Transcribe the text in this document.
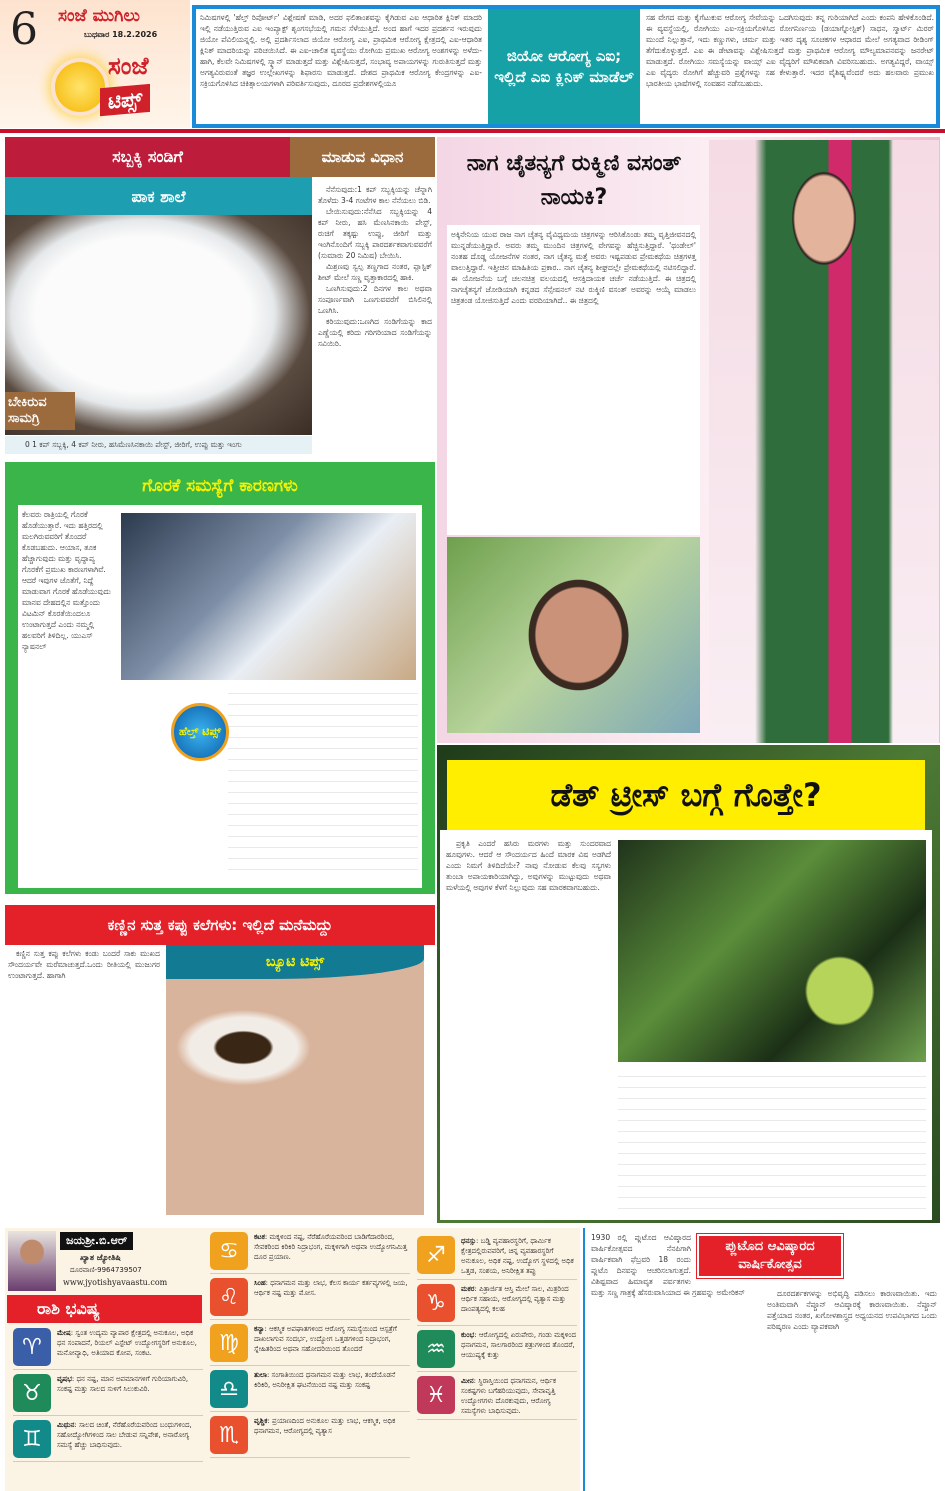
6 ಸಂಜೆ ಮುಗಿಲು
ಬುಧವಾರ 18.2.2026
ಸಂಜೆ
ಟಿಪ್ಸ್
ನಿಮಿಷಗಳಲ್ಲಿ 'ಹೆಲ್ತ್ ರಿಪೋರ್ಟ್' ವಿಶ್ಲೇಷಣೆ ಮಾಡಿ, ಅದರ ಫಲಿತಾಂಶವನ್ನು ಕೈಗಿಡುವ ಎಐ ಆಧಾರಿತ ಕ್ಲಿನಿಕ್ ಮಾದರಿ ಇಲ್ಲಿ ನಡೆಯುತ್ತಿರುವ ಎಐ ಇಂಪ್ಯಾಕ್ಟ್ ಶೃಂಗಸಭೆಯಲ್ಲಿ ಗಮನ ಸೆಳೆಯುತ್ತಿದೆ. ಅಂದ ಹಾಗೆ ಇದರ ಪ್ರದರ್ಶನ ಇರುವುದು ಜಿಯೋ ಪೆವಿಲಿಯನ್ನಲ್ಲಿ. ಅಲ್ಲಿ ಪ್ರದರ್ಶಿಸಲಾದ ಜಿಯೋ ಆರೋಗ್ಯ ಎಐ, ಪ್ರಾಥಮಿಕ ಆರೋಗ್ಯ ಕ್ಷೇತ್ರದಲ್ಲಿ ಎಐ-ಆಧಾರಿತ ಕ್ಲಿನಿಕ್ ಮಾದರಿಯನ್ನು ಪರಿಚಯಿಸಿದೆ. ಈ ಎಐ-ಚಾಲಿತ ವ್ಯವಸ್ಥೆಯು ರೋಗಿಯ ಪ್ರಮುಖ ಆರೋಗ್ಯ ಅಂಶಗಳನ್ನು ಅಳೆದು- ಹಾಗಿ, ಕೆಲವೇ ನಿಮಿಷಗಳಲ್ಲಿ ಸ್ಕ್ಯಾನ್ ಮಾಡುತ್ತದೆ ಮತ್ತು ವಿಶ್ಲೇಷಿಸುತ್ತದೆ, ಸಂಭಾವ್ಯ ಅಪಾಯಗಳನ್ನು ಗುರುತಿಸುತ್ತದೆ ಮತ್ತು ಅಗತ್ಯವಿರುವಂತೆ ತಜ್ಞರ ಉಲ್ಲೇಖಗಳನ್ನು ಶಿಫಾರಸು ಮಾಡುತ್ತದೆ. ದೇಶದ ಪ್ರಾಥಮಿಕ ಆರೋಗ್ಯ ಕೇಂದ್ರಗಳನ್ನು ಎಐ-ಸಕ್ರಿಯಗೊಳಿಸಿದ ಚಿಕಿತ್ಸಾಲಯಗಳಾಗಿ ಪರಿವರ್ತಿಸುವುದು, ದೂರದ ಪ್ರದೇಶಗಳಲ್ಲಿಯೂ
ಜಿಯೋ ಆರೋಗ್ಯ ಎಐ; ಇಲ್ಲಿದೆ ಎಐ ಕ್ಲಿನಿಕ್ ಮಾಡೆಲ್
ಸಹ ವೇಗದ ಮತ್ತು ಕೈಗೆಟುಕುವ ಆರೋಗ್ಯ ಸೇವೆಯನ್ನು ಒದಗಿಸುವುದು ತನ್ನ ಗುರಿಯಾಗಿದೆ ಎಂದು ಕಂಪನಿ ಹೇಳಿಕೊಂಡಿದೆ. ಈ ವ್ಯವಸ್ಥೆಯಲ್ಲಿ, ರೋಗಿಯು ಎಐ-ಸಕ್ರಿಯಗೊಳಿಸಿದ ರೋಗನಿರ್ಣಯ (ಡಯಾಗ್ನೋಸ್ಟಿಕ್) ಸಾಧನ, ಸ್ಮಾರ್ಟ್ ಮಿರರ್ ಮುಂದೆ ನಿಲ್ಲುತ್ತಾನೆ, ಇದು ಕಣ್ಣುಗಳು, ಚರ್ಮ ಮತ್ತು ಇತರ ದೃಶ್ಯ ಸೂಚಕಗಳ ಆಧಾರದ ಮೇಲೆ ಅಗತ್ಯವಾದ ರೀಡಿಂಗ್ ತೆಗೆದುಕೊಳ್ಳುತ್ತದೆ. ಎಐ ಈ ಡೇಟಾವನ್ನು ವಿಶ್ಲೇಷಿಸುತ್ತದೆ ಮತ್ತು ಪ್ರಾಥಮಿಕ ಆರೋಗ್ಯ ಮೌಲ್ಯಮಾಪನವನ್ನು ಜನರೇಟ್ ಮಾಡುತ್ತದೆ. ರೋಗಿಯು ಸಮಸ್ಯೆಯನ್ನು ವಾಯ್ಸ್ ಎಐ ವೈದ್ಯರಿಗೆ ಮೌಖಿಕವಾಗಿ ವಿವರಿಸಬಹುದು. ಅಗತ್ಯವಿದ್ದರೆ, ವಾಯ್ಸ್ ಎಐ ವೈದ್ಯರು ರೋಗಿಗೆ ಹೆಚ್ಚುವರಿ ಪ್ರಶ್ನೆಗಳನ್ನು ಸಹ ಕೇಳುತ್ತಾರೆ. ಇದರ ವೈಶಿಷ್ಟ್ಯವೆಂದರೆ ಅದು ಹಲವಾರು ಪ್ರಮುಖ ಭಾರತೀಯ ಭಾಷೆಗಳಲ್ಲಿ ಸಂವಹನ ನಡೆಸಬಹುದು.
ಸಬ್ಬಕ್ಕಿ ಸಂಡಿಗೆ	ಮಾಡುವ ವಿಧಾನ
ಪಾಕ ಶಾಲೆ
ಬೇಕಿರುವ ಸಾಮಗ್ರಿ
0 1 ಕಪ್ ಸಬ್ಬಕ್ಕಿ, 4 ಕಪ್ ನೀರು, ಹಸಿಮೆಣಸಿನಕಾಯಿ ಪೇಸ್ಟ್, ಜೀರಿಗೆ, ಉಪ್ಪು ಮತ್ತು ಇಂಗು

ನೆನೆಸುವುದು:1 ಕಪ್ ಸಬ್ಬಕ್ಕಿಯನ್ನು ಚೆನ್ನಾಗಿ ತೊಳೆದು 3-4 ಗಂಟೆಗಳ ಕಾಲ ನೆನೆಯಲು ಬಿಡಿ.

ಬೇಯಿಸುವುದು:ನೆನೆಸಿದ ಸಬ್ಬಕ್ಕಿಯನ್ನು 4 ಕಪ್ ನೀರು, ಹಸಿ ಮೆಣಸಿನಕಾಯಿ ಪೇಸ್ಟ್, ರುಚಿಗೆ ತಕ್ಕಷ್ಟು ಉಪ್ಪು, ಜೀರಿಗೆ ಮತ್ತು ಇಂಗಿನೊಂದಿಗೆ ಸಬ್ಬಕ್ಕಿ ಪಾರದರ್ಶಕವಾಗುವವರೆಗೆ (ಸುಮಾರು 20 ನಿಮಿಷ) ಬೇಯಿಸಿ.

ಮಿಶ್ರಣವು ಸ್ವಲ್ಪ ತಣ್ಣಗಾದ ನಂತರ, ಪ್ಲಾಸ್ಟಿಕ್ ಶೀಟ್ ಮೇಲೆ ಸಣ್ಣ ವೃತ್ತಾಕಾರದಲ್ಲಿ ಹಾಕಿ.

ಒಣಗಿಸುವುದು:2 ದಿನಗಳ ಕಾಲ ಅಥವಾ ಸಂಪೂರ್ಣವಾಗಿ ಒಣಗುವವರೆಗೆ ಬಿಸಿಲಿನಲ್ಲಿ ಒಣಗಿಸಿ.

ಕರಿಯುವುದು:ಒಣಗಿದ ಸಂಡಿಗೆಯನ್ನು ಕಾದ ಎಣ್ಣೆಯಲ್ಲಿ ಕರಿದು ಗರಿಗರಿಯಾದ ಸಂಡಿಗೆಯನ್ನು ಸವಿಯಿರಿ.

ಗೊರಕೆ ಸಮಸ್ಯೆಗೆ ಕಾರಣಗಳು
ಕೆಲವರು ರಾತ್ರಿಯಲ್ಲಿ ಗೊರಕೆ ಹೊಡೆಯುತ್ತಾರೆ. ಇದು ಹತ್ತಿರದಲ್ಲಿ ಮಲಗಿರುವವರಿಗೆ ತೊಂದರೆ ಕೊಡಬಹುದು. ಆಯಾಸ, ತೂಕ ಹೆಚ್ಚಾಗುವುದು ಮತ್ತು ವೃದ್ಧಾಪ್ಯ ಗೊರಕೆಗೆ ಪ್ರಮುಖ ಕಾರಣಗಳಾಗಿವೆ. ಆದರೆ ಇವುಗಳ ಜೊತೆಗೆ, ನಿದ್ದೆ ಮಾಡುವಾಗ ಗೊರಕೆ ಹೊಡೆಯುವುದು ಮಾನವ ದೇಹದಲ್ಲಿನ ಮತ್ತೊಂದು ವಿಟಮಿನ್ ಕೊರತೆಯಿಂದಲೂ ಉಂಟಾಗುತ್ತದೆ ಎಂದು ನಮ್ಮಲ್ಲಿ ಹಲವರಿಗೆ ತಿಳಿದಿಲ್ಲ. ಯುಎಸ್ ನ್ಯಾಷನಲ್
ಹೆಲ್ತ್ ಟಿಪ್ಸ್
ಕಣ್ಣಿನ ಸುತ್ತ ಕಪ್ಪು ಕಲೆಗಳು: ಇಲ್ಲಿದೆ ಮನೆಮದ್ದು
ಕಣ್ಣಿನ ಸುತ್ತ ಕಪ್ಪು ಕಲೆಗಳು ಕಂಡು ಬಂದರೆ ಸಾಕು ಮುಖದ ಸೌಂದರ್ಯವೇ ಮರೆಮಾಚುತ್ತದೆ.ಒಂದು ರೀತಿಯಲ್ಲಿ ಮುಜುಗರ ಉಂಟಾಗುತ್ತದೆ. ಹಾಗಾಗಿ
ಬ್ಯೂಟಿ ಟಿಪ್ಸ್
ನಾಗ ಚೈತನ್ಯಗೆ ರುಕ್ಮಿಣಿ ವಸಂತ್ ನಾಯಕಿ?
ಅಕ್ಕಿನೇನಿಯ ಯುವ ರಾಜ ನಾಗ ಚೈತನ್ಯ ವೈವಿಧ್ಯಮಯ ಚಿತ್ರಗಳನ್ನು ಆರಿಸಿಕೊಂಡು ತಮ್ಮ ವೃತ್ತಿಜೀವನದಲ್ಲಿ ಮುನ್ನಡೆಯುತ್ತಿದ್ದಾರೆ. ಅವರು ತಮ್ಮ ಮುಂದಿನ ಚಿತ್ರಗಳಲ್ಲಿ ವೇಗವನ್ನು ಹೆಚ್ಚಿಸುತ್ತಿದ್ದಾರೆ. 'ಥಂಡೇಲ್' ನಂತಹ ದೊಡ್ಡ ಯೋಜನೆಗಳ ನಂತರ, ನಾಗ ಚೈತನ್ಯ ಮತ್ತೆ ಅವರು ಇಷ್ಟಪಡುವ ಪ್ರೇಮಕಥೆಯ ಚಿತ್ರಗಳತ್ತ ವಾಲುತ್ತಿದ್ದಾರೆ. ಇತ್ತೀಚಿನ ಮಾಹಿತಿಯ ಪ್ರಕಾರ.. ನಾಗ ಚೈತನ್ಯ ಶೀಘ್ರದಲ್ಲೇ ಪ್ರೇಮಕಥೆಯಲ್ಲಿ ನಟಿಸಲಿದ್ದಾರೆ. ಈ ಯೋಜನೆಯ ಬಗ್ಗೆ ಚಲನಚಿತ್ರ ವಲಯದಲ್ಲಿ ಆಸಕ್ತಿದಾಯಕ ಚರ್ಚೆ ನಡೆಯುತ್ತಿದೆ. ಈ ಚಿತ್ರದಲ್ಲಿ ನಾಗಚೈತನ್ಯಗೆ ಜೋಡಿಯಾಗಿ ಕನ್ನಡದ ಸೆನ್ಸೇಷನಲ್ ನಟಿ ರುಕ್ಮಿಣಿ ವಸಂತ್ ಅವರನ್ನು ಆಯ್ಕೆ ಮಾಡಲು ಚಿತ್ರತಂಡ ಯೋಜಿಸುತ್ತಿದೆ ಎಂದು ವರದಿಯಾಗಿದೆ.. ಈ ಚಿತ್ರದಲ್ಲಿ
ಡೆತ್ ಟ್ರೀಸ್ ಬಗ್ಗೆ ಗೊತ್ತೇ?
ಪ್ರಕೃತಿ ಎಂದರೆ ಹಸಿರು ಮರಗಳು ಮತ್ತು ಸುಂದರವಾದ ಹೂವುಗಳು. ಆದರೆ ಆ ಸೌಂದರ್ಯದ ಹಿಂದೆ ಮಾರಕ ವಿಷ ಅಡಗಿದೆ ಎಂದು ನಿಮಗೆ ತಿಳಿದಿದೆಯೇ? ನಾವು ನೋಡುವ ಕೆಲವು ಸಸ್ಯಗಳು ತುಂಬಾ ಅಪಾಯಕಾರಿಯಾಗಿದ್ದು, ಅವುಗಳನ್ನು ಮುಟ್ಟುವುದು ಅಥವಾ ಮಳೆಯಲ್ಲಿ ಅವುಗಳ ಕೆಳಗೆ ನಿಲ್ಲುವುದು ಸಹ ಮಾರಕವಾಗಬಹುದು.
ಜಯಶ್ರೀ.ಬಿ.ಆರ್
ಖ್ಯಾತ ಜ್ಯೋತಿಷಿ
ದೂರವಾಣಿ-9964739507
www.jyotishyavaastu.com
ರಾಶಿ ಭವಿಷ್ಯ
♈
ಮೇಷ: ಸ್ವಂತ ಉದ್ಯಮ ವ್ಯಾಪಾರ ಕ್ಷೇತ್ರದಲ್ಲಿ ಅನುಕೂಲ, ಅಧಿಕ ಧನ ಸಂಪಾದನೆ, ರಿಯಲ್ ಎಸ್ಟೇಟ್ ಉದ್ಯೋಗಸ್ಥರಿಗೆ ಅನುಕೂಲ, ಮನೋವ್ಯಾಧಿ, ಅತಿಯಾದ ಕೋಪ, ಸಂಕಟ.
♉
ವೃಷಭ: ಧನ ನಷ್ಟ, ಮಾನ ಅಪಮಾನಗಳಿಗೆ ಗುರಿಯಾಗುವಿರಿ, ಸಂಕಷ್ಟ ಮತ್ತು ಸಾಲದ ಸುಳಿಗೆ ಸಿಲುಕುವಿರಿ.
♊
ಮಿಥುನ: ಸಾಲದ ಚಿಂತೆ, ನೆರೆಹೊರೆಯವರಿಂದ ಬಂಧುಗಳಿಂದ, ಸಹೋದ್ಯೋಗಿಗಳಿಂದ ಸಾಲ ಬೇಡುವ ಸನ್ನಿವೇಶ, ಅನಾರೋಗ್ಯ ಸಮಸ್ಯೆ ಹೆಚ್ಚು ಬಾಧಿಸುವುದು.
♋
ಕಟಕ: ಮಕ್ಕಳಿಂದ ನಷ್ಟ, ನೆರೆಹೊರೆಯವರಿಂದ ಬಾಡಿಗೆದಾರರಿಂದ, ಸೇವಕರಿಂದ ಕಿರಿಕಿರಿ ನಿದ್ರಾಭಂಗ, ಮಕ್ಕಳಿಗಾಗಿ ಅಥವಾ ಉದ್ಯೋಗನಿಮಿತ್ತ ದೂರ ಪ್ರಯಾಣ.
♌
ಸಿಂಹ: ಧನಾಗಮನ ಮತ್ತು ಲಾಭ, ಕೆಲಸ ಕಾರ್ಯ ಕರ್ತವ್ಯಗಳಲ್ಲಿ ಜಯ, ಆರ್ಥಿಕ ನಷ್ಟ ಮತ್ತು ಮೋಸ.
♍
ಕನ್ಯಾ: ಆಕಸ್ಮಿಕ ಅಪಘಾತಗಳಿಂದ ಆರೋಗ್ಯ ಸಮಸ್ಯೆಯಿಂದ ಆಸ್ಪತ್ರೆಗೆ ದಾಖಲಾಗುವ ಸಂದರ್ಭ, ಉದ್ಯೋಗ ಒತ್ತಡಗಳಿಂದ ನಿದ್ರಾಭಂಗ, ಸ್ನೇಹಿತರಿಂದ ಅಥವಾ ಸಹೋದರಿಯಿಂದ ತೊಂದರೆ
♎
ತುಲಾ: ಸಂಗಾತಿಯಿಂದ ಧನಾಗಮನ ಮತ್ತು ಲಾಭ, ತಂದೆಯೊಡನೆ ಕಿರಿಕಿರಿ, ಅನಿರೀಕ್ಷಿತ ಘಟನೆಯಿಂದ ನಷ್ಟ ಮತ್ತು ಸಂಕಷ್ಟ
♏
ವೃಶ್ಚಿಕ: ಪ್ರಯಾಣದಿಂದ ಅನುಕೂಲ ಮತ್ತು ಲಾಭ, ಆಕಸ್ಮಿಕ, ಅಧಿಕ ಧನಾಗಮನ, ಆರೋಗ್ಯದಲ್ಲಿ ವ್ಯತ್ಯಾಸ
♐
ಧನಸ್ಸು: ಬಡ್ಡಿ ವ್ಯವಹಾರಸ್ಥರಿಗೆ, ಧಾರ್ಮಿಕ ಕ್ಷೇತ್ರದಲ್ಲಿರುವವರಿಗೆ, ಚಿನ್ನ ವ್ಯವಹಾರಸ್ಥರಿಗೆ ಅನುಕೂಲ, ಅಧಿಕ ನಷ್ಟ, ಉದ್ಯೋಗ ಸ್ಥಳದಲ್ಲಿ ಅಧಿಕ ಒತ್ತಡ, ಸಂಶಯ, ಅನಿರೀಕ್ಷಿತ ತಪ್ಪು
♑
ಮಕರ: ಪಿತ್ರಾರ್ಜಿತ ಆಸ್ತಿ ಮೇಲೆ ಸಾಲ, ಮಿತ್ರರಿಂದ ಆರ್ಥಿಕ ಸಹಾಯ, ಆರೋಗ್ಯದಲ್ಲಿ ವ್ಯತ್ಯಾಸ ಮತ್ತು ದಾಂಪತ್ಯದಲ್ಲಿ ಕಲಹ
♒
ಕುಂಭ: ಆರೋಗ್ಯದಲ್ಲಿ ಏರುಪೇರು, ಗಂಡು ಮಕ್ಕಳಿಂದ ಧನಾಗಮನ, ಸಾಲಗಾರರಿಂದ ಶತ್ರುಗಳಿಂದ ತೊಂದರೆ, ಆಯುಷ್ಯಕ್ಕೆ ಕುತ್ತು
♓
ಮೀನ: ಸ್ಥಿರಾಸ್ತಿಯಿಂದ ಧನಾಗಮನ, ಆರ್ಥಿಕ ಸಂಕಷ್ಟಗಳು ಬಗೆಹರಿಯುವುದು, ಸೇವಾವೃತ್ತಿ ಉದ್ಯೋಗಗಳು ದೊರಕುವುದು, ಆರೋಗ್ಯ ಸಮಸ್ಯೆಗಳು ಬಾಧಿಸುವುದು.
1930 ರಲ್ಲಿ ಪ್ಲುಟೊದ ಆವಿಷ್ಕಾರದ ವಾರ್ಷಿಕೋತ್ಸವದ ನೆನಪಿಗಾಗಿ ವಾರ್ಷಿಕವಾಗಿ ಫೆಬ್ರವರಿ 18 ರಂದು ಪ್ಲುಟೊ ದಿನವನ್ನು ಆಚರಿಸಲಾಗುತ್ತದೆ. ವಿಶಿಷ್ಟವಾದ ಹಿಮಾವೃತ ಪರ್ವತಗಳು ಮತ್ತು ಸಣ್ಣ ಗಾತ್ರಕ್ಕೆ ಹೆಸರುವಾಸಿಯಾದ ಈ ಗ್ರಹವನ್ನು ಅಮೇರಿಕನ್
ಪ್ಲುಟೊದ ಆವಿಷ್ಕಾರದ ವಾರ್ಷಿಕೋತ್ಸವ
ದೂರದರ್ಶಕಗಳನ್ನು ಅಭಿವೃದ್ಧಿ ಪಡಿಸಲು ಕಾರಣವಾಯಿತು. ಇದು ಅಂತಿಮವಾಗಿ ನೆಪ್ಚೂನ್ ಆವಿಷ್ಕಾರಕ್ಕೆ ಕಾರಣವಾಯಿತು. ನೆಪ್ಚೂನ್ ಪತ್ತೆಯಾದ ನಂತರ, ಖಗೋಳಶಾಸ್ತ್ರದ ಅಧ್ಯಯನದ ಉಪವಿಭಾಗದ ಒಂದು ಪರಿಷ್ಕರಣ ಎಂದು ವ್ಯಾಪಕವಾಗಿ
